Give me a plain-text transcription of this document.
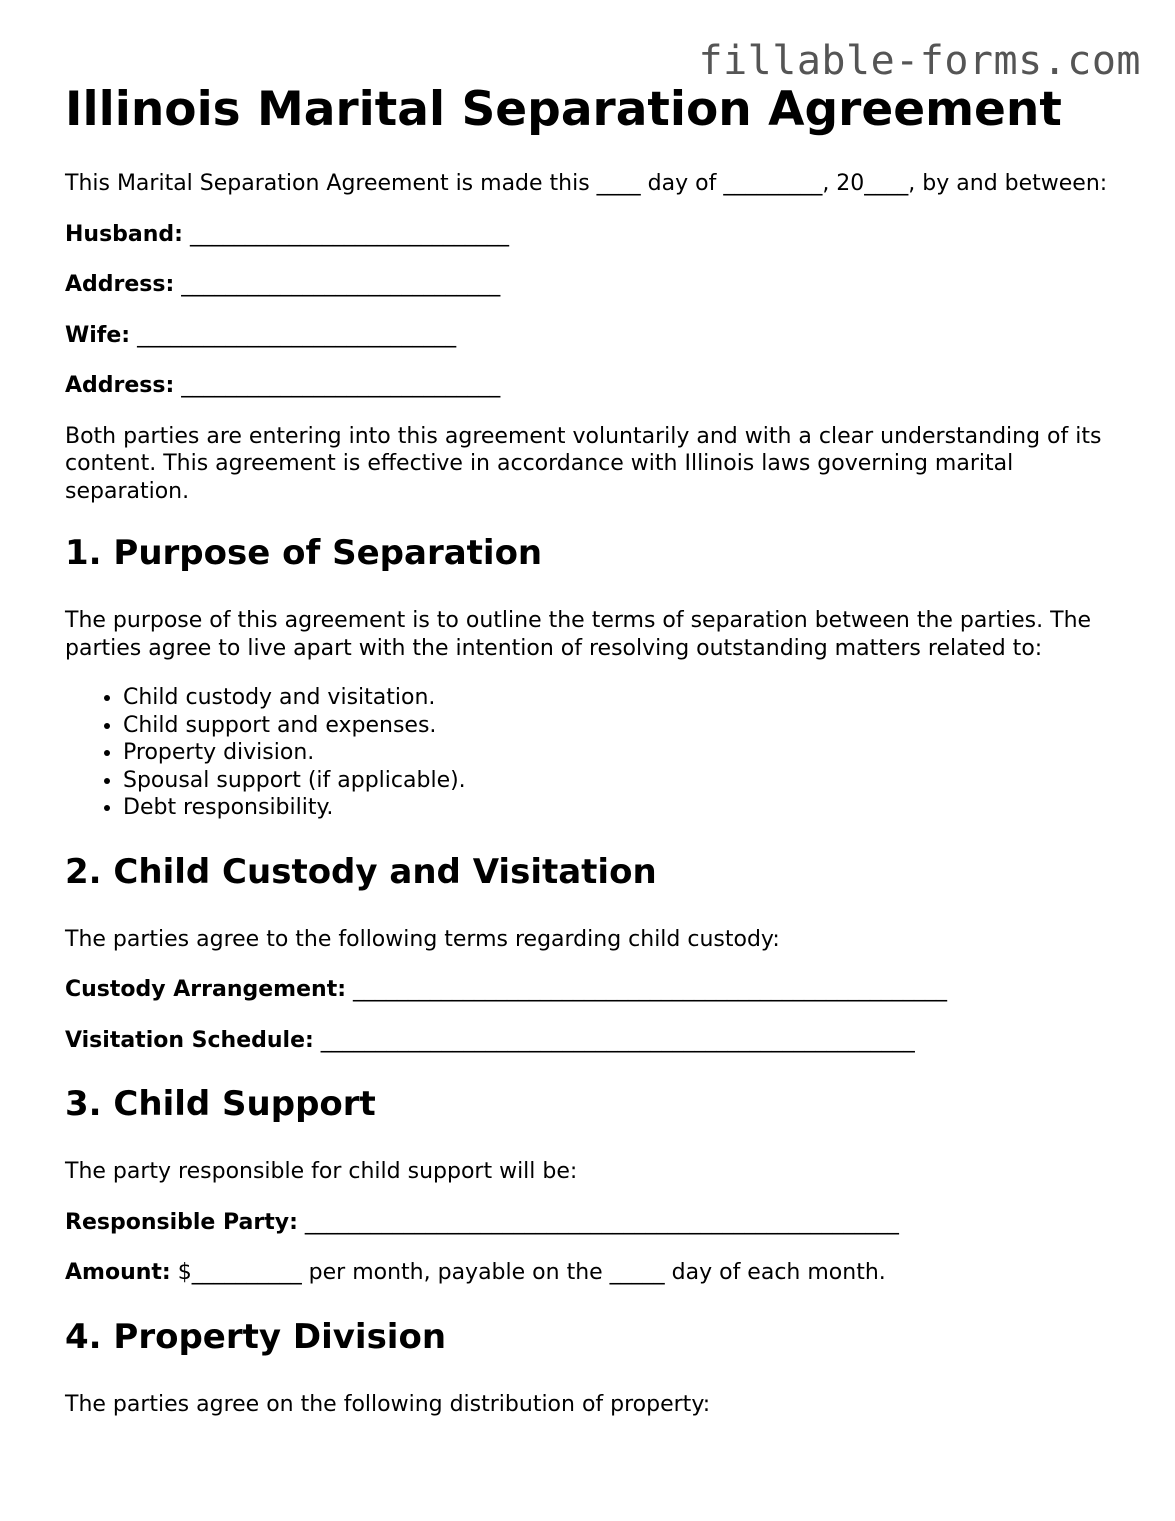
fillable-forms.com
Illinois Marital Separation Agreement

This Marital Separation Agreement is made this ____ day of _________, 20____, by and between:

Husband: _____________________________

Address: _____________________________

Wife: _____________________________

Address: _____________________________

Both parties are entering into this agreement voluntarily and with a clear understanding of its content. This agreement is effective in accordance with Illinois laws governing marital separation.

1. Purpose of Separation

The purpose of this agreement is to outline the terms of separation between the parties. The parties agree to live apart with the intention of resolving outstanding matters related to:

• Child custody and visitation.
• Child support and expenses.
• Property division.
• Spousal support (if applicable).
• Debt responsibility.
2. Child Custody and Visitation

The parties agree to the following terms regarding child custody:

Custody Arrangement: ______________________________________________________

Visitation Schedule: ______________________________________________________

3. Child Support

The party responsible for child support will be:

Responsible Party: ______________________________________________________

Amount: $__________ per month, payable on the _____ day of each month.

4. Property Division

The parties agree on the following distribution of property:
